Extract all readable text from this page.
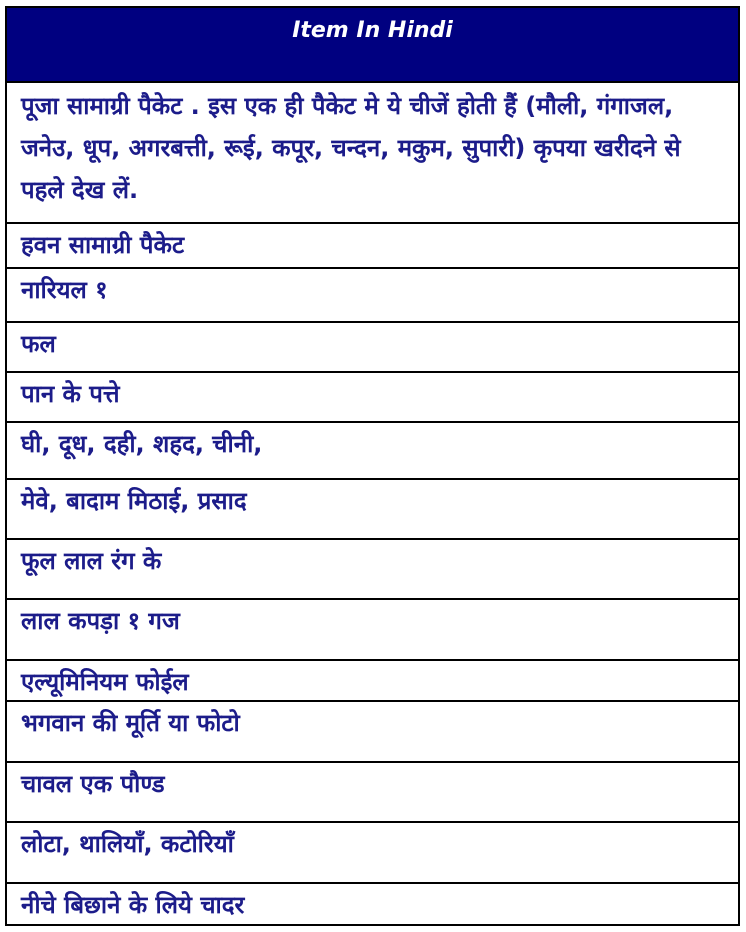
Item In Hindi
पूजा सामाग्री पैकेट . इस एक ही पैकेट मे ये चीजें होती हैं (मौली, गंगाजल, जनेउ, धूप, अगरबत्ती, रूई, कपूर, चन्दन, मकुम, सुपारी) कृपया खरीदने से पहले देख लें.
हवन सामाग्री पैकेट
नारियल १
फल
पान के पत्ते
घी, दूध, दही, शहद, चीनी,
मेवे, बादाम मिठाई, प्रसाद
फूल लाल रंग के
लाल कपड़ा १ गज
एल्यूमिनियम फोईल
भगवान की मूर्ति या फोटो
चावल एक पौण्ड
लोटा, थालियाँ, कटोरियाँ
नीचे बिछाने के लिये चादर
